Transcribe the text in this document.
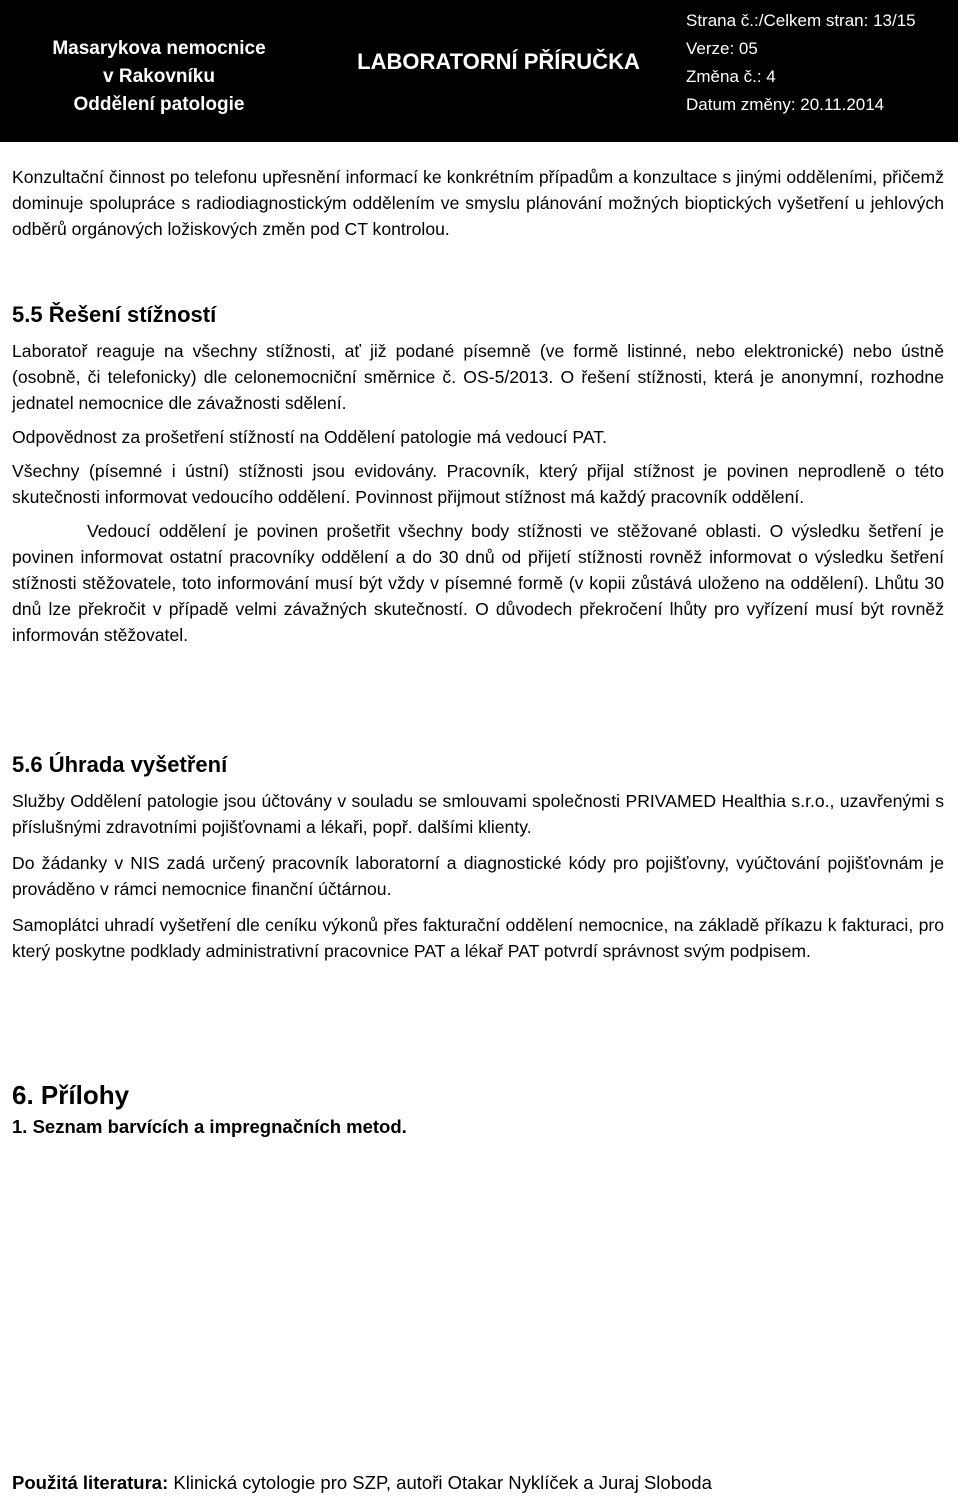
Masarykova nemocnice
v Rakovníku
Oddělení patologie
LABORATORNÍ PŘÍRUČKA
Strana č.:/Celkem stran: 13/15
Verze: 05
Změna č.: 4
Datum změny: 20.11.2014

Konzultační činnost po telefonu upřesnění informací ke konkrétním případům a konzultace s jinými odděleními, přičemž dominuje spolupráce s radiodiagnostickým oddělením ve smyslu plánování možných bioptických vyšetření u jehlových odběrů orgánových ložiskových změn pod CT kontrolou.

5.5 Řešení stížností

Laboratoř reaguje na všechny stížnosti, ať již podané písemně (ve formě listinné, nebo elektronické) nebo ústně (osobně, či telefonicky) dle celonemocniční směrnice č. OS-5/2013. O řešení stížnosti, která je anonymní, rozhodne jednatel nemocnice dle závažnosti sdělení.

Odpovědnost za prošetření stížností na Oddělení patologie má vedoucí PAT.

Všechny (písemné i ústní) stížnosti jsou evidovány. Pracovník, který přijal stížnost je povinen neprodleně o této skutečnosti informovat vedoucího oddělení. Povinnost přijmout stížnost má každý pracovník oddělení.

Vedoucí oddělení je povinen prošetřit všechny body stížnosti ve stěžované oblasti. O výsledku šetření je povinen informovat ostatní pracovníky oddělení a do 30 dnů od přijetí stížnosti rovněž informovat o výsledku šetření stížnosti stěžovatele, toto informování musí být vždy v písemné formě (v kopii zůstává uloženo na oddělení). Lhůtu 30 dnů lze překročit v případě velmi závažných skutečností. O důvodech překročení lhůty pro vyřízení musí být rovněž informován stěžovatel.

5.6 Úhrada vyšetření

Služby Oddělení patologie jsou účtovány v souladu se smlouvami společnosti PRIVAMED Healthia s.r.o., uzavřenými s příslušnými zdravotními pojišťovnami a lékaři, popř. dalšími klienty.

Do žádanky v NIS zadá určený pracovník laboratorní a diagnostické kódy pro pojišťovny, vyúčtování pojišťovnám je prováděno v rámci nemocnice finanční účtárnou.

Samoplátci uhradí vyšetření dle ceníku výkonů přes fakturační oddělení nemocnice, na základě příkazu k fakturaci, pro který poskytne podklady administrativní pracovnice PAT a lékař PAT potvrdí správnost svým podpisem.

6. Přílohy

1. Seznam barvících a impregnačních metod.

Použitá literatura: Klinická cytologie pro SZP, autoři Otakar Nyklíček a Juraj Sloboda
